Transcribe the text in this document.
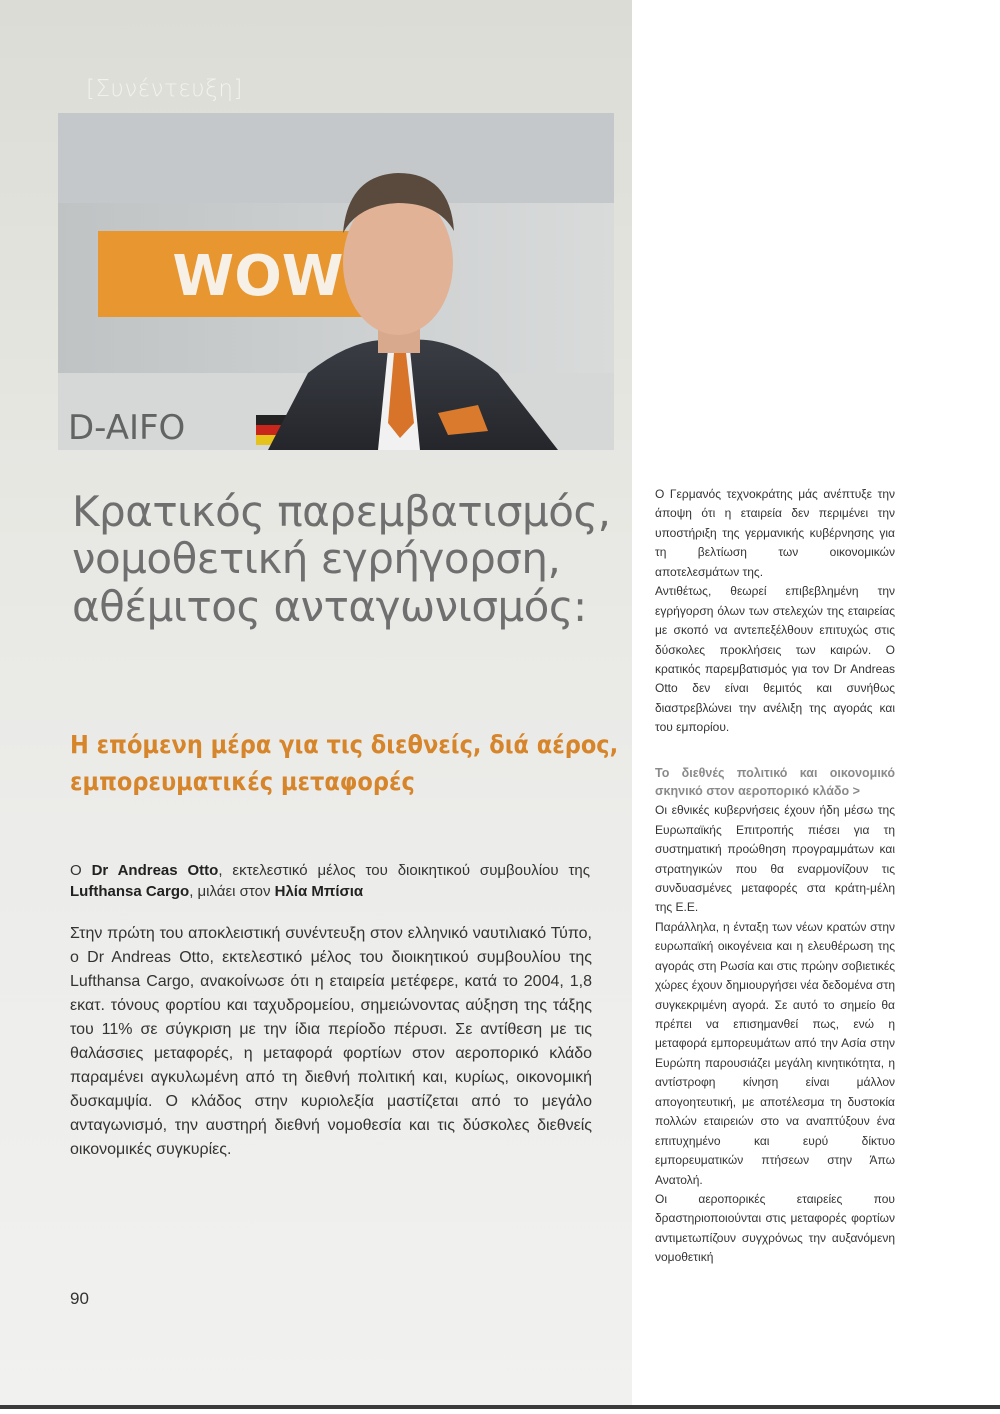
[Συνέντευξη]
WOW
D-AIFO
Κρατικός παρεμβατισμός, νομοθετική εγρήγορση, αθέμιτος ανταγωνισμός:
Η επόμενη μέρα για τις διεθνείς, διά αέρος, εμπορευματικές μεταφορές

Ο Dr Andreas Otto, εκτελεστικό μέλος του διοικητικού συμβουλίου της Lufthansa Cargo, μιλάει στον Ηλία Μπίσια

Στην πρώτη του αποκλειστική συνέντευξη στον ελληνικό ναυτιλιακό Τύπο, ο Dr Andreas Otto, εκτελεστικό μέλος του διοικητικού συμβουλίου της Lufthansa Cargo, ανακοίνωσε ότι η εταιρεία μετέφερε, κατά το 2004, 1,8 εκατ. τόνους φορτίου και ταχυδρομείου, σημειώνοντας αύξηση της τάξης του 11% σε σύγκριση με την ίδια περίοδο πέρυσι. Σε αντίθεση με τις θαλάσσιες μεταφορές, η μεταφορά φορτίων στον αεροπορικό κλάδο παραμένει αγκυλωμένη από τη διεθνή πολιτική και, κυρίως, οικονομική δυσκαμψία. Ο κλάδος στην κυριολεξία μαστίζεται από το μεγάλο ανταγωνισμό, την αυστηρή διεθνή νομοθεσία και τις δύσκολες διεθνείς οικονομικές συγκυρίες.

90

Ο Γερμανός τεχνοκράτης μάς ανέπτυξε την άποψη ότι η εταιρεία δεν περιμένει την υποστήριξη της γερμανικής κυβέρνησης για τη βελτίωση των οικονομικών αποτελεσμάτων της.

Αντιθέτως, θεωρεί επιβεβλημένη την εγρήγορση όλων των στελεχών της εταιρείας με σκοπό να αντεπεξέλθουν επιτυχώς στις δύσκολες προκλήσεις των καιρών. Ο κρατικός παρεμβατισμός για τον Dr Andreas Otto δεν είναι θεμιτός και συνήθως διαστρεβλώνει την ανέλιξη της αγοράς και του εμπορίου.

Το διεθνές πολιτικό και οικονομικό σκηνικό στον αεροπορικό κλάδο >

Οι εθνικές κυβερνήσεις έχουν ήδη μέσω της Ευρωπαϊκής Επιτροπής πιέσει για τη συστηματική προώθηση προγραμμάτων και στρατηγικών που θα εναρμονίζουν τις συνδυασμένες μεταφορές στα κράτη-μέλη της Ε.Ε.

Παράλληλα, η ένταξη των νέων κρατών στην ευρωπαϊκή οικογένεια και η ελευθέρωση της αγοράς στη Ρωσία και στις πρώην σοβιετικές χώρες έχουν δημιουργήσει νέα δεδομένα στη συγκεκριμένη αγορά. Σε αυτό το σημείο θα πρέπει να επισημανθεί πως, ενώ η μεταφορά εμπορευμάτων από την Ασία στην Ευρώπη παρουσιάζει μεγάλη κινητικότητα, η αντίστροφη κίνηση είναι μάλλον απογοητευτική, με αποτέλεσμα τη δυστοκία πολλών εταιρειών στο να αναπτύξουν ένα επιτυχημένο και ευρύ δίκτυο εμπορευματικών πτήσεων στην Άπω Ανατολή.

Οι αεροπορικές εταιρείες που δραστηριοποιούνται στις μεταφορές φορτίων αντιμετωπίζουν συγχρόνως την αυξανόμενη νομοθετική
